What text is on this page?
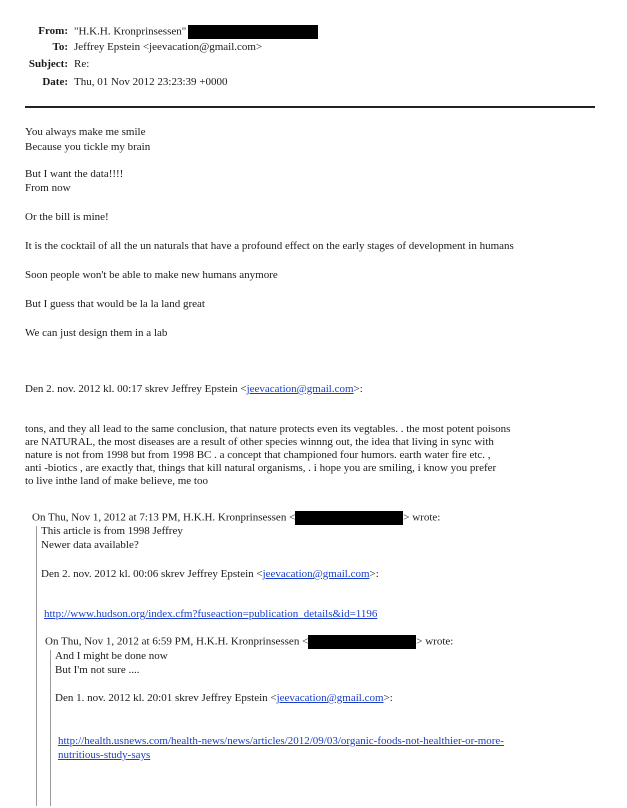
From: "H.K.H. Kronprinsessen"
To: Jeffrey Epstein <jeevacation@gmail.com>
Subject: Re:
Date: Thu, 01 Nov 2012 23:23:39 +0000
You always make me smile
Because you tickle my brain
But I want the data!!!!
From now
Or the bill is mine!
It is the cocktail of all the un naturals that have a profound effect on the early stages of development in humans
Soon people won't be able to make new humans anymore
But I guess that would be la la land great
We can just design them in a lab
Den 2. nov. 2012 kl. 00:17 skrev Jeffrey Epstein <jeevacation@gmail.com>:
tons, and they all lead to the same conclusion, that nature protects even its vegtables. . the most potent poisons
are NATURAL, the most diseases are a result of other species winnng out, the idea that living in sync with
nature is not from 1998 but from 1998 BC . a concept that championed four humors. earth water fire etc. ,
anti -biotics , are exactly that, things that kill natural organisms, . i hope you are smiling, i know you prefer
to live inthe land of make believe, me too
On Thu, Nov 1, 2012 at 7:13 PM, H.K.H. Kronprinsessen <	> wrote:
This article is from 1998 Jeffrey
Newer data available?
Den 2. nov. 2012 kl. 00:06 skrev Jeffrey Epstein <jeevacation@gmail.com>:
http://www.hudson.org/index.cfm?fuseaction=publication_details&id=1196
On Thu, Nov 1, 2012 at 6:59 PM, H.K.H. Kronprinsessen <	> wrote:
And I might be done now
But I'm not sure ....
Den 1. nov. 2012 kl. 20:01 skrev Jeffrey Epstein <jeevacation@gmail.com>:
http://health.usnews.com/health-news/news/articles/2012/09/03/organic-foods-not-healthier-or-more-
nutritious-study-says
